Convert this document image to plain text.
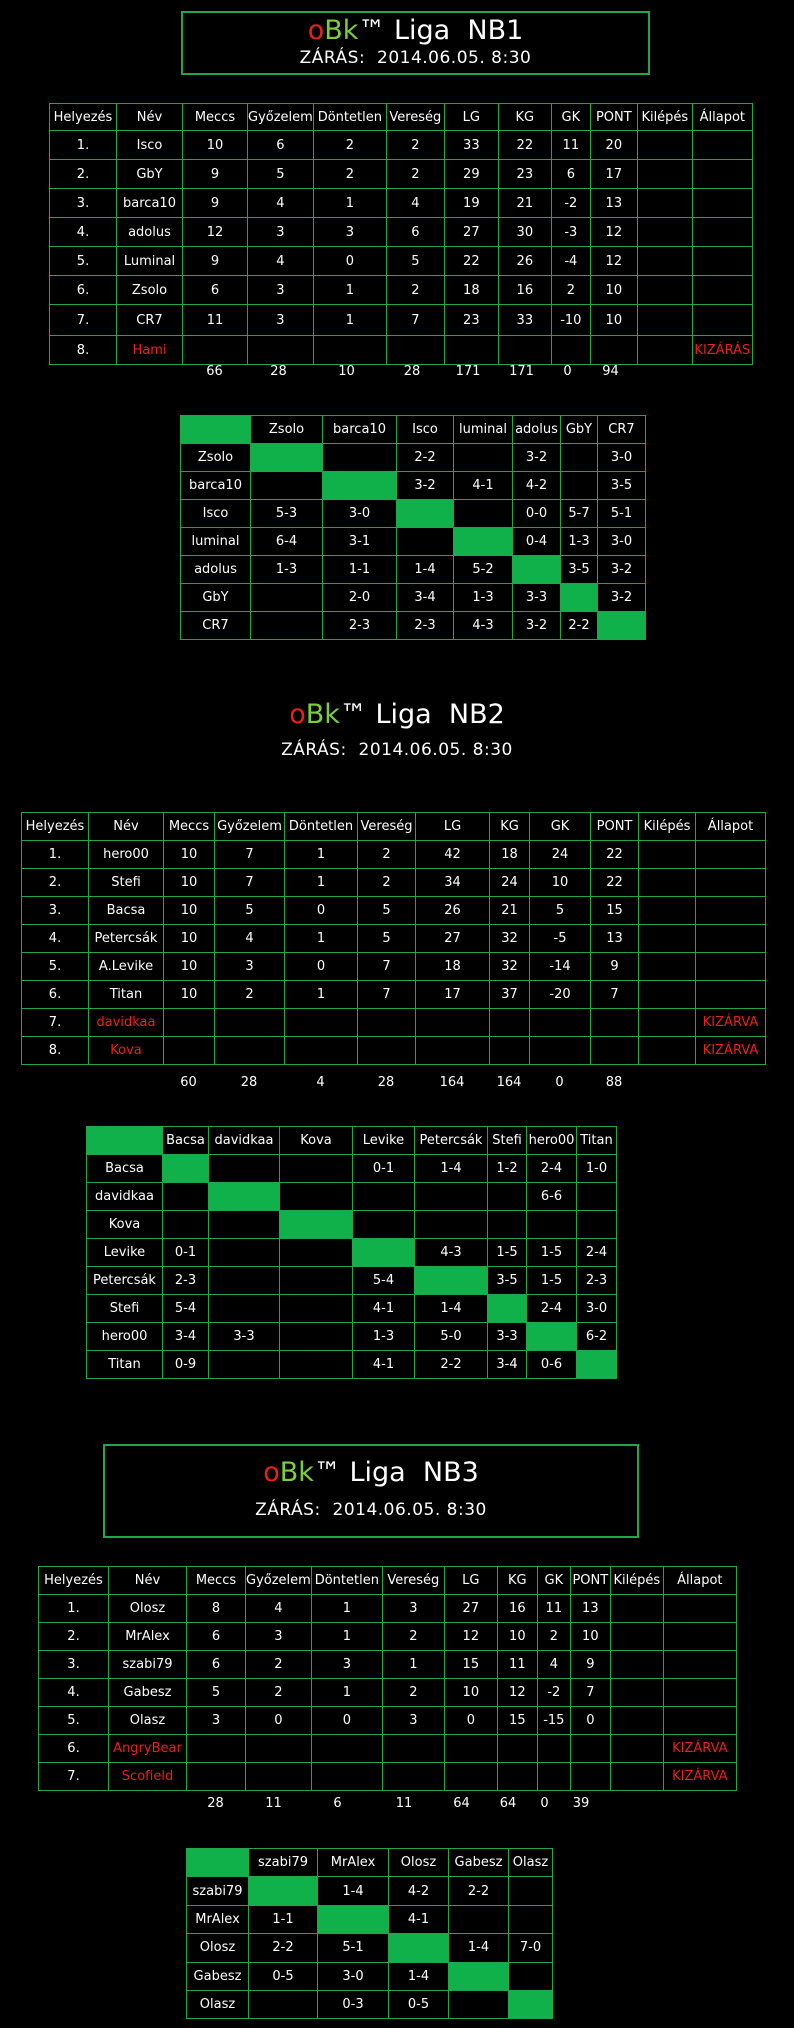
oBk™ Liga  NB1
ZÁRÁS:  2014.06.05. 8:30
Helyezés	Név	Meccs	Győzelem	Döntetlen	Vereség	LG	KG	GK	PONT	Kilépés	Állapot
1.	Isco	10	6	2	2	33	22	11	20		
2.	GbY	9	5	2	2	29	23	6	17		
3.	barca10	9	4	1	4	19	21	-2	13		
4.	adolus	12	3	3	6	27	30	-3	12		
5.	Luminal	9	4	0	5	22	26	-4	12		
6.	Zsolo	6	3	1	2	18	16	2	10		
7.	CR7	11	3	1	7	23	33	-10	10		
8.	Hami										KIZÁRÁS
66	28	10	28	171	171	0	94
	Zsolo	barca10	Isco	luminal	adolus	GbY	CR7
Zsolo			2-2		3-2		3-0
barca10			3-2	4-1	4-2		3-5
Isco	5-3	3-0			0-0	5-7	5-1
luminal	6-4	3-1			0-4	1-3	3-0
adolus	1-3	1-1	1-4	5-2		3-5	3-2
GbY		2-0	3-4	1-3	3-3		3-2
CR7		2-3	2-3	4-3	3-2	2-2	
oBk™ Liga  NB2
ZÁRÁS:  2014.06.05. 8:30
Helyezés	Név	Meccs	Győzelem	Döntetlen	Vereség	LG	KG	GK	PONT	Kilépés	Állapot
1.	hero00	10	7	1	2	42	18	24	22		
2.	Stefi	10	7	1	2	34	24	10	22		
3.	Bacsa	10	5	0	5	26	21	5	15		
4.	Petercsák	10	4	1	5	27	32	-5	13		
5.	A.Levike	10	3	0	7	18	32	-14	9		
6.	Titan	10	2	1	7	17	37	-20	7		
7.	davidkaa										KIZÁRVA
8.	Kova										KIZÁRVA
60	28	4	28	164	164	0	88
	Bacsa	davidkaa	Kova	Levike	Petercsák	Stefi	hero00	Titan
Bacsa				0-1	1-4	1-2	2-4	1-0
davidkaa							6-6	
Kova								
Levike	0-1				4-3	1-5	1-5	2-4
Petercsák	2-3			5-4		3-5	1-5	2-3
Stefi	5-4			4-1	1-4		2-4	3-0
hero00	3-4	3-3		1-3	5-0	3-3		6-2
Titan	0-9			4-1	2-2	3-4	0-6	
oBk™ Liga  NB3
ZÁRÁS:  2014.06.05. 8:30
Helyezés	Név	Meccs	Győzelem	Döntetlen	Vereség	LG	KG	GK	PONT	Kilépés	Állapot
1.	Olosz	8	4	1	3	27	16	11	13		
2.	MrAlex	6	3	1	2	12	10	2	10		
3.	szabi79	6	2	3	1	15	11	4	9		
4.	Gabesz	5	2	1	2	10	12	-2	7		
5.	Olasz	3	0	0	3	0	15	-15	0		
6.	AngryBear										KIZÁRVA
7.	Scofield										KIZÁRVA
28	11	6	11	64	64	0	39
	szabi79	MrAlex	Olosz	Gabesz	Olasz
szabi79		1-4	4-2	2-2	
MrAlex	1-1		4-1		
Olosz	2-2	5-1		1-4	7-0
Gabesz	0-5	3-0	1-4		
Olasz		0-3	0-5		
